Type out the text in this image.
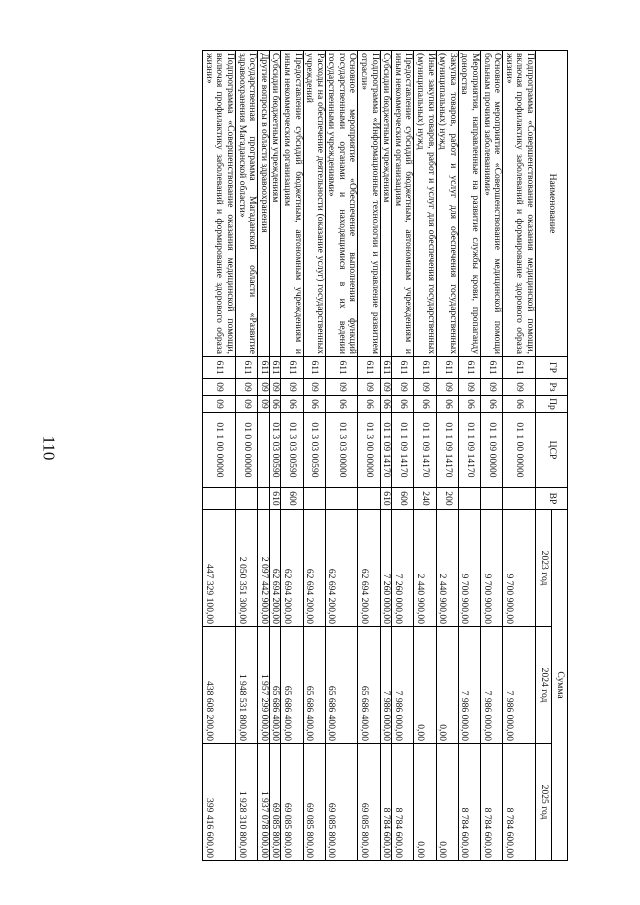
110
Наименование	ГР	Рз	Пр	ЦСР	ВР	Сумма		
						2023 год	2024 год	2025 год
Подпрограмма «Совершенствование оказания медицинской помощи, включая профилактику заболеваний и формирование здорового образа жизни»	611	09	06	01 1 00 00000		9 700 900,00	7 986 000,00	8 784 600,00
Основное мероприятие «Совершенствование медицинской помощи больным прочими заболеваниями»	611	09	06	01 1 09 00000		9 700 900,00	7 986 000,00	8 784 600,00
Мероприятия, направленные на развитие службы крови, пропаганду донорства	611	09	06	01 1 09 14170		9 700 900,00	7 986 000,00	8 784 600,00
Закупка товаров, работ и услуг для обеспечения государственных (муниципальных) нужд	611	09	06	01 1 09 14170	200	2 440 900,00	0,00	0,00
Иные закупки товаров, работ и услуг для обеспечения государственных (муниципальных) нужд	611	09	06	01 1 09 14170	240	2 440 900,00	0,00	0,00
Предоставление субсидий бюджетным, автономным учреждениям и иным некоммерческим организациям	611	09	06	01 1 09 14170	600	7 260 000,00	7 986 000,00	8 784 600,00
Субсидии бюджетным учреждениям	611	09	06	01 1 09 14170	610	7 260 000,00	7 986 000,00	8 784 600,00
Подпрограмма «Информационные технологии и управление развитием отрасли»	611	09	06	01 3 00 00000		62 694 200,00	65 686 400,00	69 085 800,00
Основное мероприятие «Обеспечение выполнения функций государственными органами и находящимися в их ведении государственными учреждениями»	611	09	06	01 3 03 00000		62 694 200,00	65 686 400,00	69 085 800,00
Расходы на обеспечение деятельности (оказание услуг) государственных учреждений	611	09	06	01 3 03 00590		62 694 200,00	65 686 400,00	69 085 800,00
Предоставление субсидий бюджетным, автономным учреждениям и иным некоммерческим организациям	611	09	06	01 3 03 00590	600	62 694 200,00	65 686 400,00	69 085 800,00
Субсидии бюджетным учреждениям	611	09	06	01 3 03 00590	610	62 694 200,00	65 686 400,00	69 085 800,00
Другие вопросы в области здравоохранения	611	09	09			2 097 442 900,00	1 957 299 000,00	1 937 078 000,00
Государственная программа Магаданской области «Развитие здравоохранения Магаданской области»	611	09	09	01 0 00 00000		2 050 351 300,00	1 948 531 800,00	1 928 310 800,00
Подпрограмма «Совершенствование оказания медицинской помощи, включая профилактику заболеваний и формирование здорового образа жизни»	611	09	09	01 1 00 00000		447 329 100,00	438 608 200,00	399 416 600,00
